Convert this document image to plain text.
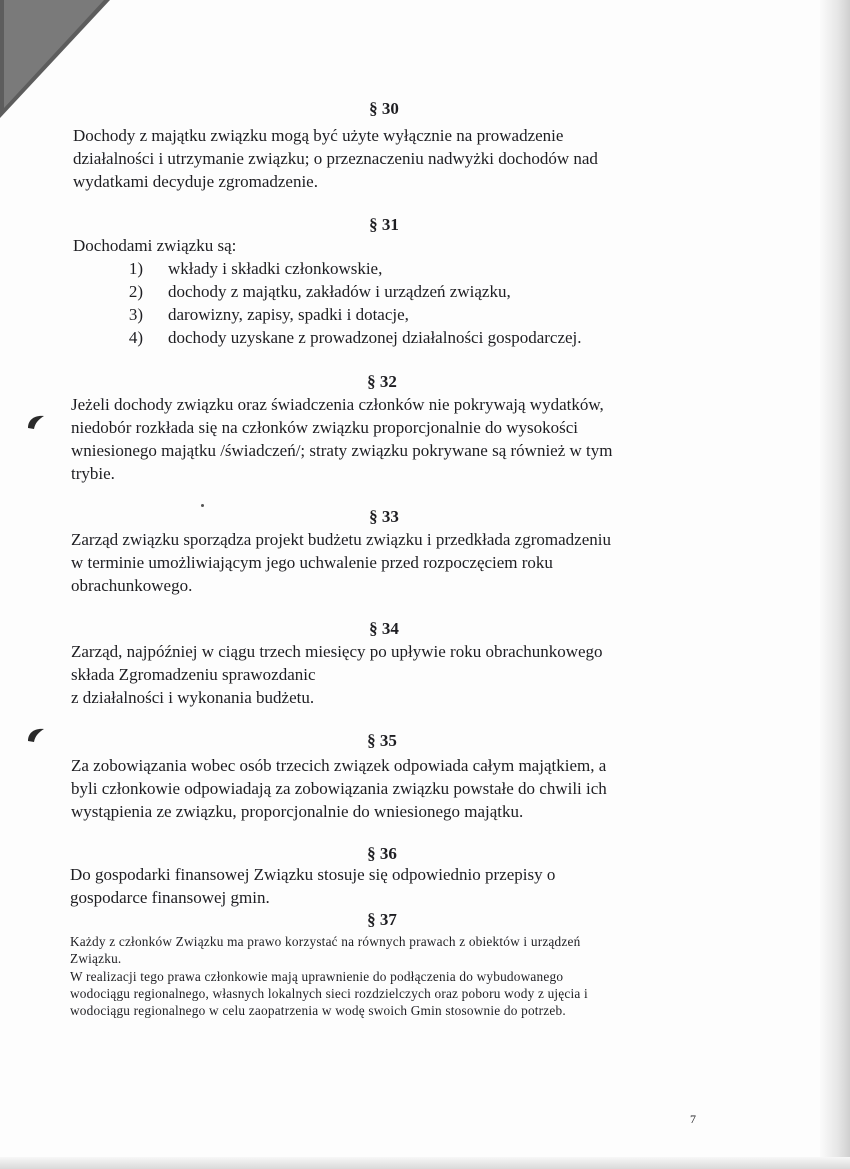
§ 30
Dochody z majątku związku mogą być użyte wyłącznie na prowadzenie
działalności i utrzymanie związku; o przeznaczeniu nadwyżki dochodów nad
wydatkami decyduje zgromadzenie.
§ 31
Dochodami związku są:
1) wkłady i składki członkowskie,
2) dochody z majątku, zakładów i urządzeń związku,
3) darowizny, zapisy, spadki i dotacje,
4) dochody uzyskane z prowadzonej działalności gospodarczej.
§ 32
Jeżeli dochody związku oraz świadczenia członków nie pokrywają wydatków,
niedobór rozkłada się na członków związku proporcjonalnie do wysokości
wniesionego majątku /świadczeń/; straty związku pokrywane są również w tym
trybie.
§ 33
Zarząd związku sporządza projekt budżetu związku i przedkłada zgromadzeniu
w terminie umożliwiającym jego uchwalenie przed rozpoczęciem roku
obrachunkowego.
§ 34
Zarząd, najpóźniej w ciągu trzech miesięcy po upływie roku obrachunkowego
składa Zgromadzeniu sprawozdanic
z działalności i wykonania budżetu.
§ 35
Za zobowiązania wobec osób trzecich związek odpowiada całym majątkiem, a
byli członkowie odpowiadają za zobowiązania związku powstałe do chwili ich
wystąpienia ze związku, proporcjonalnie do wniesionego majątku.
§ 36
Do gospodarki finansowej Związku stosuje się odpowiednio przepisy o
gospodarce finansowej gmin.
§ 37
Każdy z członków Związku ma prawo korzystać na równych prawach z obiektów i urządzeń
Związku.
W realizacji tego prawa członkowie mają uprawnienie do podłączenia do wybudowanego
wodociągu regionalnego, własnych lokalnych sieci rozdzielczych oraz poboru wody z ujęcia i
wodociągu regionalnego w celu zaopatrzenia w wodę swoich Gmin stosownie do potrzeb.
7
